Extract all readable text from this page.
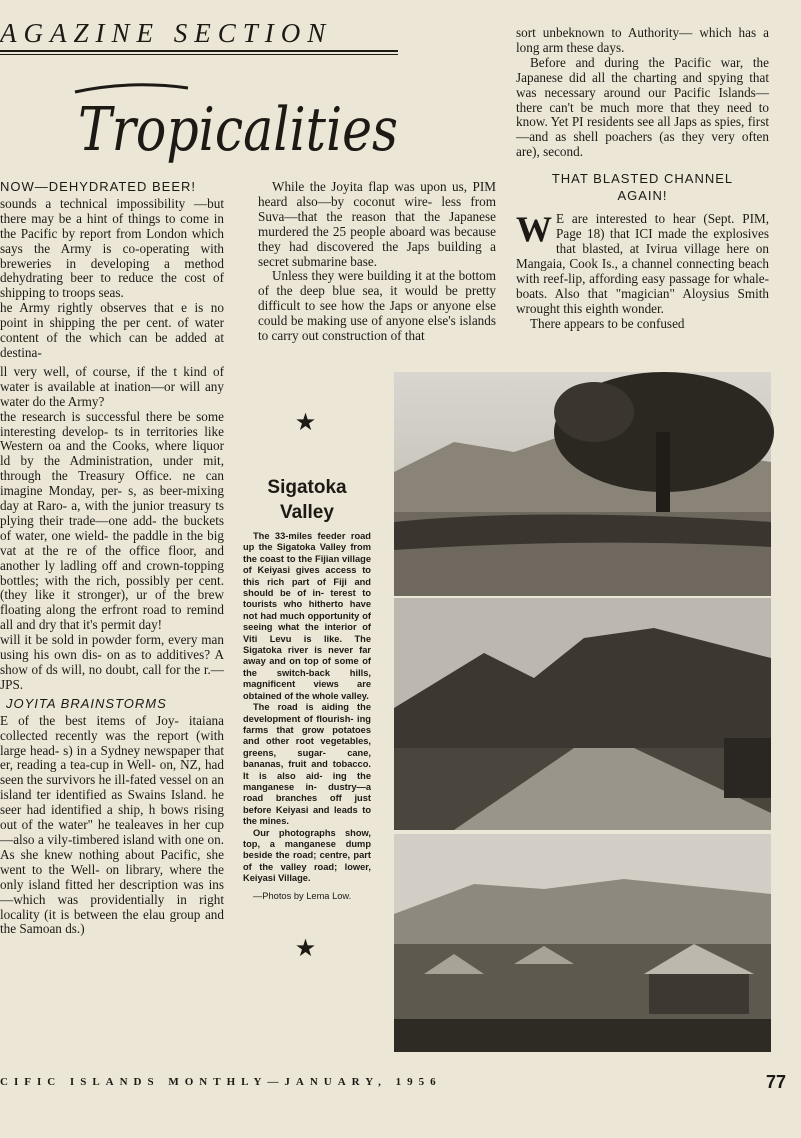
AGAZINE SECTION
Tropicalities

NOW—DEHYDRATED BEER!

sounds a technical impossibility —but there may be a hint of things to come in the Pacific by report from London which says the Army is co-operating with breweries in developing a method dehydrating beer to reduce the cost of shipping to troops seas.

he Army rightly observes that e is no point in shipping the per cent. of water content of the which can be added at destina-

ll very well, of course, if the t kind of water is available at ination—or will any water do the Army?

the research is successful there be some interesting develop- ts in territories like Western oa and the Cooks, where liquor ld by the Administration, under mit, through the Treasury Office. ne can imagine Monday, per- s, as beer-mixing day at Raro- a, with the junior treasury ts plying their trade—one add- the buckets of water, one wield- the paddle in the big vat at the re of the office floor, and another ly ladling off and crown-topping bottles; with the rich, possibly per cent. (they like it stronger), ur of the brew floating along the erfront road to remind all and dry that it's permit day!

will it be sold in powder form, every man using his own dis- on as to additives? A show of ds will, no doubt, call for the r.—JPS.

JOYITA BRAINSTORMS

E of the best items of Joy- itaiana collected recently was the report (with large head- s) in a Sydney newspaper that er, reading a tea-cup in Well- on, NZ, had seen the survivors he ill-fated vessel on an island ter identified as Swains Island. he seer had identified a ship, h bows rising out of the water" he tealeaves in her cup—also a vily-timbered island with one on. As she knew nothing about Pacific, she went to the Well- on library, where the only island fitted her description was ins—which was providentially in right locality (it is between the elau group and the Samoan ds.)

While the Joyita flap was upon us, PIM heard also—by coconut wire- less from Suva—that the reason that the Japanese murdered the 25 people aboard was because they had discovered the Japs building a secret submarine base.

Unless they were building it at the bottom of the deep blue sea, it would be pretty difficult to see how the Japs or anyone else could be making use of anyone else's islands to carry out construction of that

sort unbeknown to Authority— which has a long arm these days.

Before and during the Pacific war, the Japanese did all the charting and spying that was necessary around our Pacific Islands—there can't be much more that they need to know. Yet PI residents see all Japs as spies, first—and as shell poachers (as they very often are), second.

THAT BLASTED CHANNEL AGAIN!

W E are interested to hear (Sept. PIM, Page 18) that ICI made the explosives that blasted, at Ivirua village here on Mangaia, Cook Is., a channel connecting beach with reef-lip, affording easy passage for whale-boats. Also that "magician" Aloysius Smith wrought this eighth wonder.

There appears to be confused

★

Sigatoka Valley

The 33-miles feeder road up the Sigatoka Valley from the coast to the Fijian village of Keiyasi gives access to this rich part of Fiji and should be of in- terest to tourists who hitherto have not had much opportunity of seeing what the interior of Viti Levu is like. The Sigatoka river is never far away and on top of some of the switch-back hills, magnificent views are obtained of the whole valley.

The road is aiding the development of flourish- ing farms that grow potatoes and other root vegetables, greens, sugar- cane, bananas, fruit and tobacco. It is also aid- ing the manganese in- dustry—a road branches off just before Keiyasi and leads to the mines.

Our photographs show, top, a manganese dump beside the road; centre, part of the valley road; lower, Keiyasi Village.

—Photos by Lema Low.

★
CIFIC ISLANDS MONTHLY—JANUARY, 1956	77
